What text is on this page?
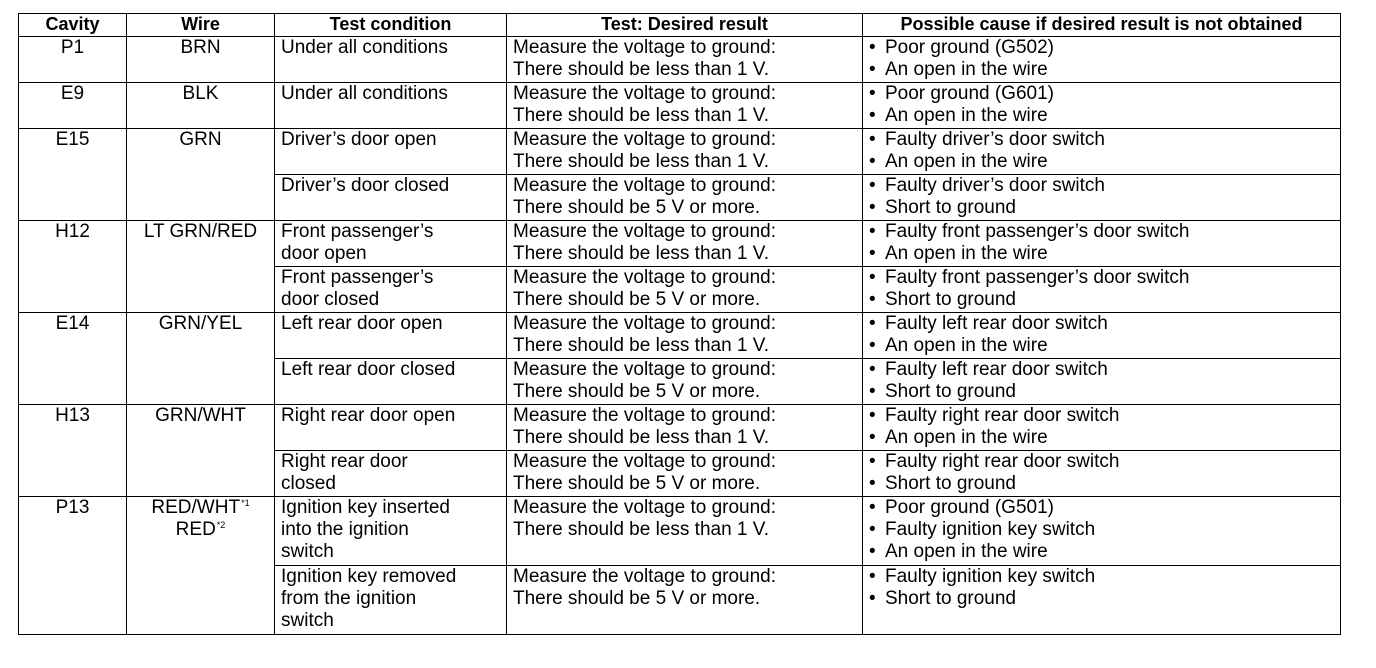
Cavity	Wire	Test condition	Test: Desired result	Possible cause if desired result is not obtained
P1	BRN	Under all conditions	Measure the voltage to ground:
There should be less than 1 V.	• Poor ground (G502)
• An open in the wire

E9	BLK	Under all conditions	Measure the voltage to ground:
There should be less than 1 V.	• Poor ground (G601)
• An open in the wire

E15	GRN	Driver’s door open	Measure the voltage to ground:
There should be less than 1 V.	• Faulty driver’s door switch
• An open in the wire

		Driver’s door closed	Measure the voltage to ground:
There should be 5 V or more.	• Faulty driver’s door switch
• Short to ground

H12	LT GRN/RED	Front passenger’s
door open	Measure the voltage to ground:
There should be less than 1 V.	• Faulty front passenger’s door switch
• An open in the wire

		Front passenger’s
door closed	Measure the voltage to ground:
There should be 5 V or more.	• Faulty front passenger’s door switch
• Short to ground

E14	GRN/YEL	Left rear door open	Measure the voltage to ground:
There should be less than 1 V.	• Faulty left rear door switch
• An open in the wire

		Left rear door closed	Measure the voltage to ground:
There should be 5 V or more.	• Faulty left rear door switch
• Short to ground

H13	GRN/WHT	Right rear door open	Measure the voltage to ground:
There should be less than 1 V.	• Faulty right rear door switch
• An open in the wire

		Right rear door
closed	Measure the voltage to ground:
There should be 5 V or more.	• Faulty right rear door switch
• Short to ground

P13	RED/WHT$^{*1}$
RED$^{*2}$	Ignition key inserted
into the ignition
switch	Measure the voltage to ground:
There should be less than 1 V.	• Poor ground (G501)
• Faulty ignition key switch
• An open in the wire

		Ignition key removed
from the ignition
switch	Measure the voltage to ground:
There should be 5 V or more.	• Faulty ignition key switch
• Short to ground
